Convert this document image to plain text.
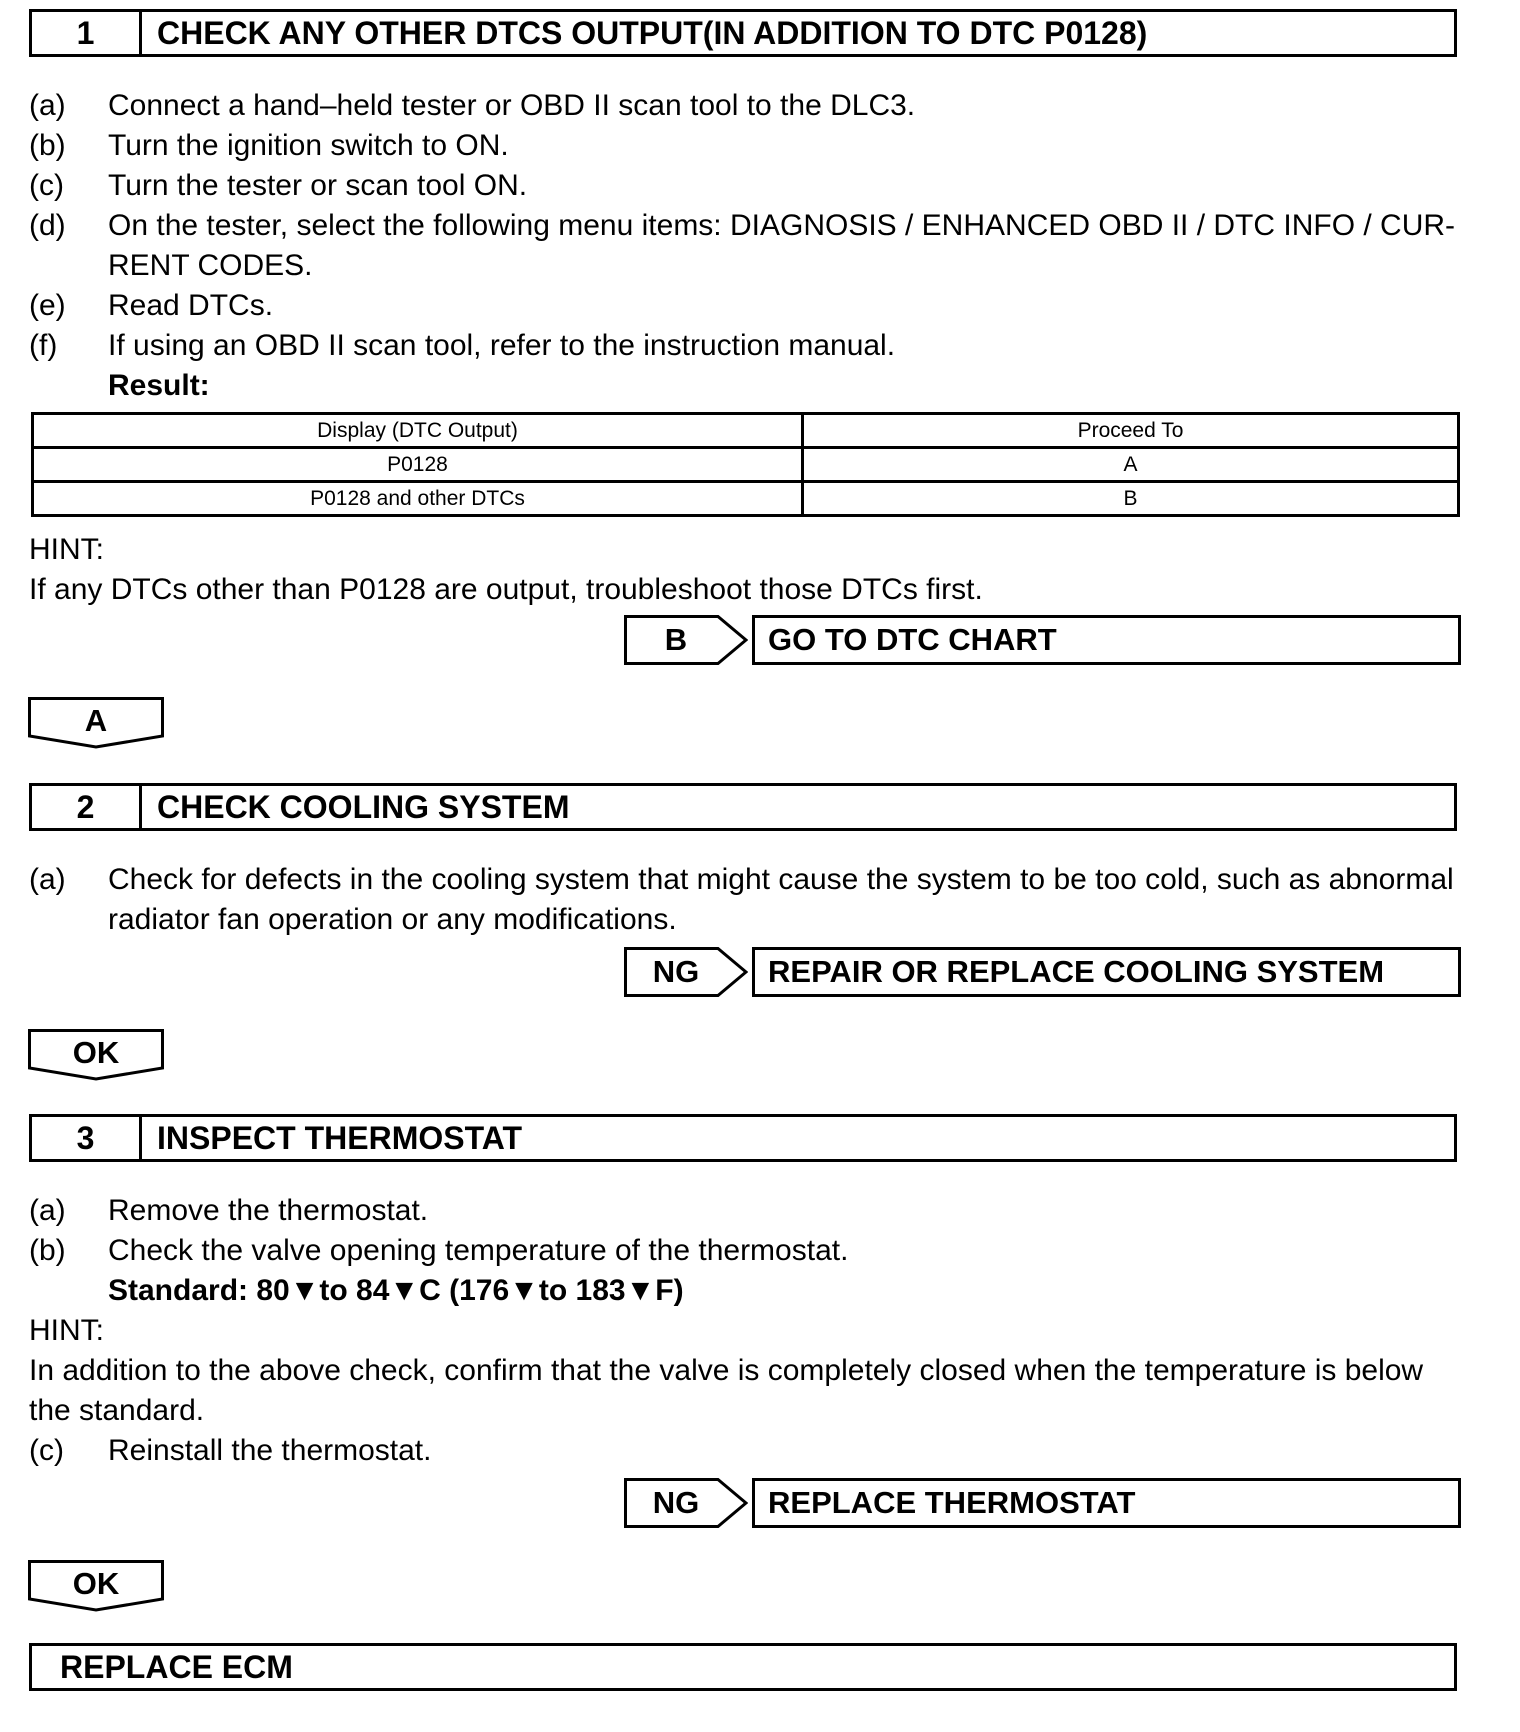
1	CHECK ANY OTHER DTCS OUTPUT(IN ADDITION TO DTC P0128)
(a) Connect a hand–held tester or OBD II scan tool to the DLC3.
(b) Turn the ignition switch to ON.
(c) Turn the tester or scan tool ON.
(d) On the tester, select the following menu items: DIAGNOSIS / ENHANCED OBD II / DTC INFO / CUR-
RENT CODES.
(e) Read DTCs.
(f) If using an OBD II scan tool, refer to the instruction manual.
Result:
Display (DTC Output)	Proceed To
P0128	A
P0128 and other DTCs	B
HINT:
If any DTCs other than P0128 are output, troubleshoot those DTCs first.
B	GO TO DTC CHART
A
2	CHECK COOLING SYSTEM
(a) Check for defects in the cooling system that might cause the system to be too cold, such as abnormal
radiator fan operation or any modifications.
NG	REPAIR OR REPLACE COOLING SYSTEM
OK
3	INSPECT THERMOSTAT
(a) Remove the thermostat.
(b) Check the valve opening temperature of the thermostat.
Standard: 80▼to 84▼C (176▼to 183▼F)
HINT:
In addition to the above check, confirm that the valve is completely closed when the temperature is below
the standard.
(c) Reinstall the thermostat.
NG	REPLACE THERMOSTAT
OK
REPLACE ECM
